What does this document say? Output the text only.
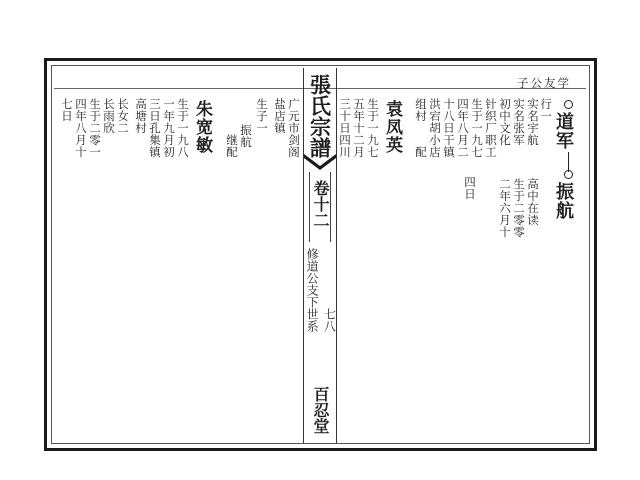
子公友学
張氏宗譜
卷十二
修道公支下世系 七八
百忍堂
道军
振航
行一
实名宇航
高中在读
生于二零零
二年六月十
实名张军
初中文化
针织厂职工
生于一九七
四年八月二
十八日干镇
洪宕胡小店
组村
配
四日
袁凤英
生于一九七
五年十二月
三十日四川
广元市剑阁
盐店镇
生子一
振航
继配
朱宽敏
生于一九八
一年九月初
三日孔集镇
高塘村
长女二
长雨欣
生于二零一
四年八月十
七日
